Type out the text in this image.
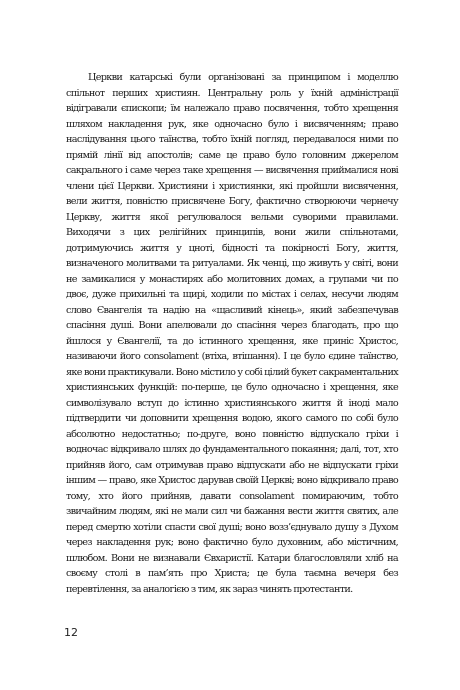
Церкви катарські були організовані за принципом і моделлю спільнот перших християн. Центральну роль у їхній адміністрації відігравали єпископи; їм належало право посвячення, тобто хрещення шляхом накладення рук, яке одночасно було і висвяченням; право наслідування цього таїнства, тобто їхній погляд, передавалося ними по прямій лінії від апостолів; саме це право було головним джерелом сакрального і саме через таке хрещення — висвячення приймалися нові члени цієї Церкви. Християни і християнки, які пройшли висвячення, вели життя, повністю присвячене Богу, фактично створюючи чернечу Церкву, життя якої регулювалося вельми суворими правилами. Виходячи з цих релігійних принципів, вони жили спільнотами, дотримуючись життя у цноті, бідності та покірності Богу, життя, визначеного молитвами та ритуалами. Як ченці, що живуть у світі, вони не замикалися у монастирях або молитовних домах, а групами чи по двоє, дуже прихильні та щирі, ходили по містах і селах, несучи людям слово Євангелія та надію на «щасливий кінець», який забезпечував спасіння душі. Вони апелювали до спасіння через благодать, про що йшлося у Євангелії, та до істинного хрещення, яке приніс Христос, називаючи його consolament (втіха, втішання). І це було єдине таїнство, яке вони практикували. Воно містило у собі цілий букет сакраментальних християнських функцій: по-перше, це було одночасно і хрещення, яке символізувало вступ до істинно християнського життя й іноді мало підтвердити чи доповнити хрещення водою, якого самого по собі було абсолютно недостатньо; по-друге, воно повністю відпускало гріхи і водночас відкривало шлях до фундаментального покаяння; далі, тот, хто прийняв його, сам отримував право відпускати або не відпускати гріхи іншим — право, яке Христос дарував своїй Церкві; воно відкривало право тому, хто його прийняв, давати consolament помираючим, тобто звичайним людям, які не мали сил чи бажання вести життя святих, але перед смертю хотіли спасти свої душі; воно возз’єднувало душу з Духом через накладення рук; воно фактично було духовним, або містичним, шлюбом. Вони не визнавали Євхаристії. Катари благословляли хліб на своєму столі в пам’ять про Христа; це була таємна вечеря без перевтілення, за аналогією з тим, як зараз чинять протестанти.

12
